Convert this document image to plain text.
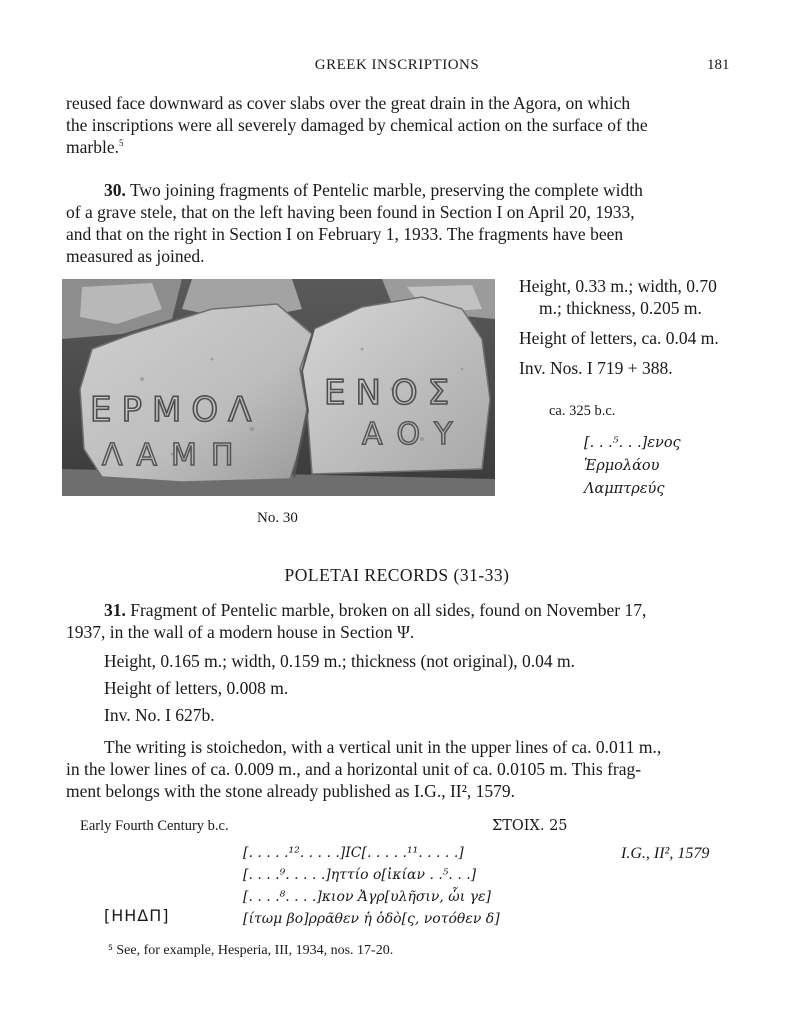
GREEK INSCRIPTIONS	181
reused face downward as cover slabs over the great drain in the Agora, on which
the inscriptions were all severely damaged by chemical action on the surface of the
marble.$^5$
30. Two joining fragments of Pentelic marble, preserving the complete width
of a grave stele, that on the left having been found in Section I on April 20, 1933,
and that on the right in Section I on February 1, 1933. The fragments have been
measured as joined.
ΕΡΜΟΛ
ΛΑΜΠ
ΕΝΟΣ
ΑΟΥ
No. 30
Height, 0.33 m.; width, 0.70
m.; thickness, 0.205 m.
Height of letters, ca. 0.04 m.
Inv. Nos. I 719 + 388.
ca. 325 b.c.
[. . .⁵. . .]ενος
Ἑρμολάου
Λαμπτρεύς
POLETAI RECORDS (31-33)
31. Fragment of Pentelic marble, broken on all sides, found on November 17,
1937, in the wall of a modern house in Section Ψ.
Height, 0.165 m.; width, 0.159 m.; thickness (not original), 0.04 m.
Height of letters, 0.008 m.
Inv. No. I 627b.
The writing is stoichedon, with a vertical unit in the upper lines of ca. 0.011 m.,
in the lower lines of ca. 0.009 m., and a horizontal unit of ca. 0.0105 m. This frag-
ment belongs with the stone already published as I.G., II², 1579.
Early Fourth Century b.c.	ΣΤΟΙΧ. 25
I.G., II², 1579
[. . . . .¹². . . . .]ΙC[. . . . .¹¹. . . . .]
[. . . .⁹. . . . .]ηττίο ο[ἰκίαν . .⁵. . .]
[. . . .⁸. . . .]κιον Ἀγρ[υλῆσιν, ὧι γε]
[ίτωμ βο]ρρᾶθεν ἡ ὁδὸ[ς, νοτόθεν δ]
[ΗΗΔΠ]
⁵ See, for example, Hesperia, III, 1934, nos. 17-20.
